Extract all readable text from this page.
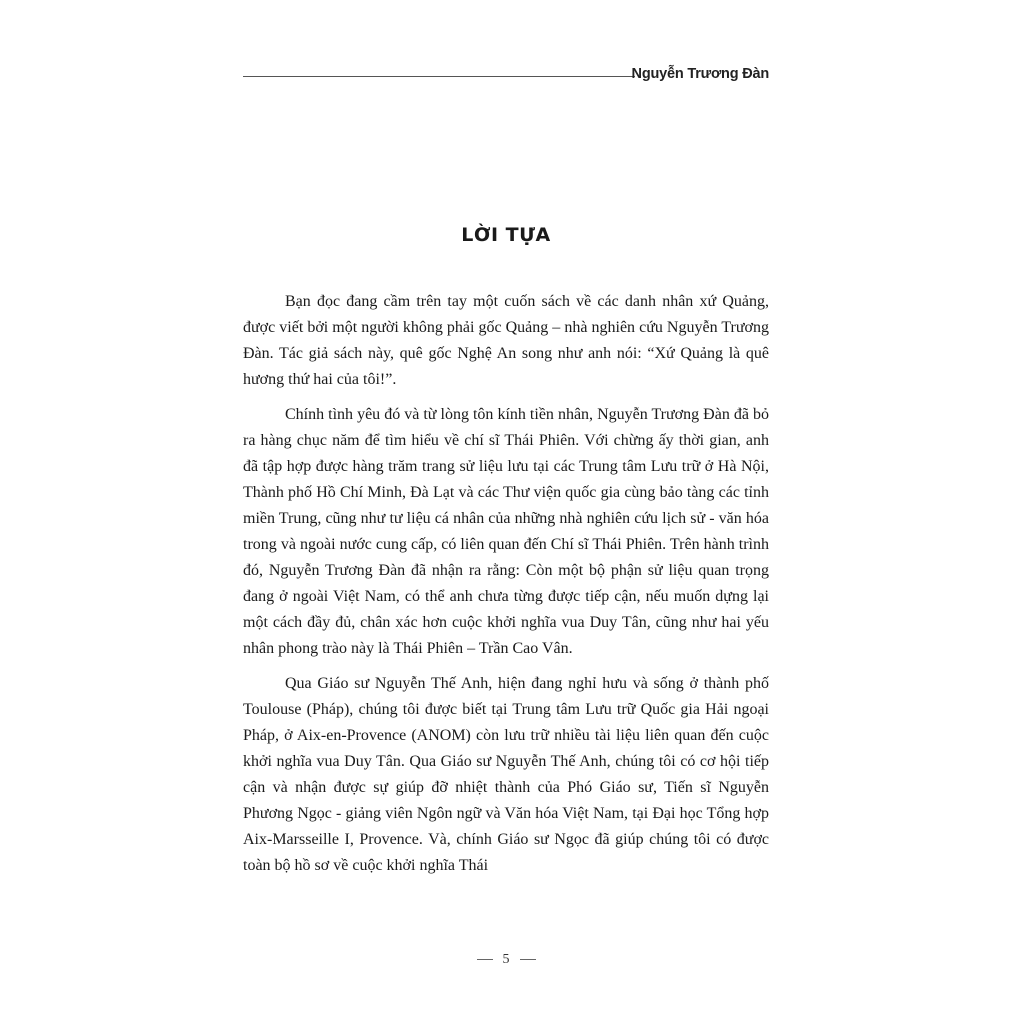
Nguyễn Trương Đàn
LỜI TỰA

Bạn đọc đang cầm trên tay một cuốn sách về các danh nhân xứ Quảng, được viết bởi một người không phải gốc Quảng – nhà nghiên cứu Nguyễn Trương Đàn. Tác giả sách này, quê gốc Nghệ An song như anh nói: “Xứ Quảng là quê hương thứ hai của tôi!”.

Chính tình yêu đó và từ lòng tôn kính tiền nhân, Nguyễn Trương Đàn đã bỏ ra hàng chục năm để tìm hiểu về chí sĩ Thái Phiên. Với chừng ấy thời gian, anh đã tập hợp được hàng trăm trang sử liệu lưu tại các Trung tâm Lưu trữ ở Hà Nội, Thành phố Hồ Chí Minh, Đà Lạt và các Thư viện quốc gia cùng bảo tàng các tỉnh miền Trung, cũng như tư liệu cá nhân của những nhà nghiên cứu lịch sử - văn hóa trong và ngoài nước cung cấp, có liên quan đến Chí sĩ Thái Phiên. Trên hành trình đó, Nguyễn Trương Đàn đã nhận ra rằng: Còn một bộ phận sử liệu quan trọng đang ở ngoài Việt Nam, có thể anh chưa từng được tiếp cận, nếu muốn dựng lại một cách đầy đủ, chân xác hơn cuộc khởi nghĩa vua Duy Tân, cũng như hai yếu nhân phong trào này là Thái Phiên – Trần Cao Vân.

Qua Giáo sư Nguyễn Thế Anh, hiện đang nghỉ hưu và sống ở thành phố Toulouse (Pháp), chúng tôi được biết tại Trung tâm Lưu trữ Quốc gia Hải ngoại Pháp, ở Aix-en-Provence (ANOM) còn lưu trữ nhiều tài liệu liên quan đến cuộc khởi nghĩa vua Duy Tân. Qua Giáo sư Nguyễn Thế Anh, chúng tôi có cơ hội tiếp cận và nhận được sự giúp đỡ nhiệt thành của Phó Giáo sư, Tiến sĩ Nguyễn Phương Ngọc - giảng viên Ngôn ngữ và Văn hóa Việt Nam, tại Đại học Tổng hợp Aix-Marsseille I, Provence. Và, chính Giáo sư Ngọc đã giúp chúng tôi có được toàn bộ hồ sơ về cuộc khởi nghĩa Thái

5
